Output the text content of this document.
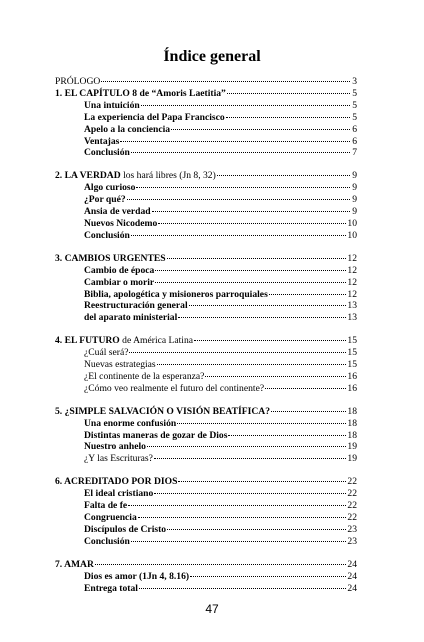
Índice general
PRÓLOGO	3
1. EL CAPÍTULO 8 de “Amoris Laetitia”	5
Una intuición	5
La experiencia del Papa Francisco	5
Apelo a la conciencia	6
Ventajas	6
Conclusión	7
2. LA VERDAD los hará libres (Jn 8, 32)	9
Algo curioso	9
¿Por qué?	9
Ansia de verdad	9
Nuevos Nicodemo	10
Conclusión	10
3. CAMBIOS URGENTES	12
Cambio de época	12
Cambiar o morir	12
Biblia, apologética y misioneros parroquiales	12
Reestructuración general	13
del aparato ministerial	13
4. EL FUTURO de América Latina	15
¿Cuál será?	15
Nuevas estrategias	15
¿El continente de la esperanza?	16
¿Cómo veo realmente el futuro del continente?	16
5. ¿SIMPLE SALVACIÓN O VISIÓN BEATÍFICA?	18
Una enorme confusión	18
Distintas maneras de gozar de Dios	18
Nuestro anhelo	19
¿Y las Escrituras?	19
6. ACREDITADO POR DIOS	22
El ideal cristiano	22
Falta de fe	22
Congruencia	22
Discípulos de Cristo	23
Conclusión	23
7. AMAR	24
Dios es amor (1Jn 4, 8.16)	24
Entrega total	24
47
